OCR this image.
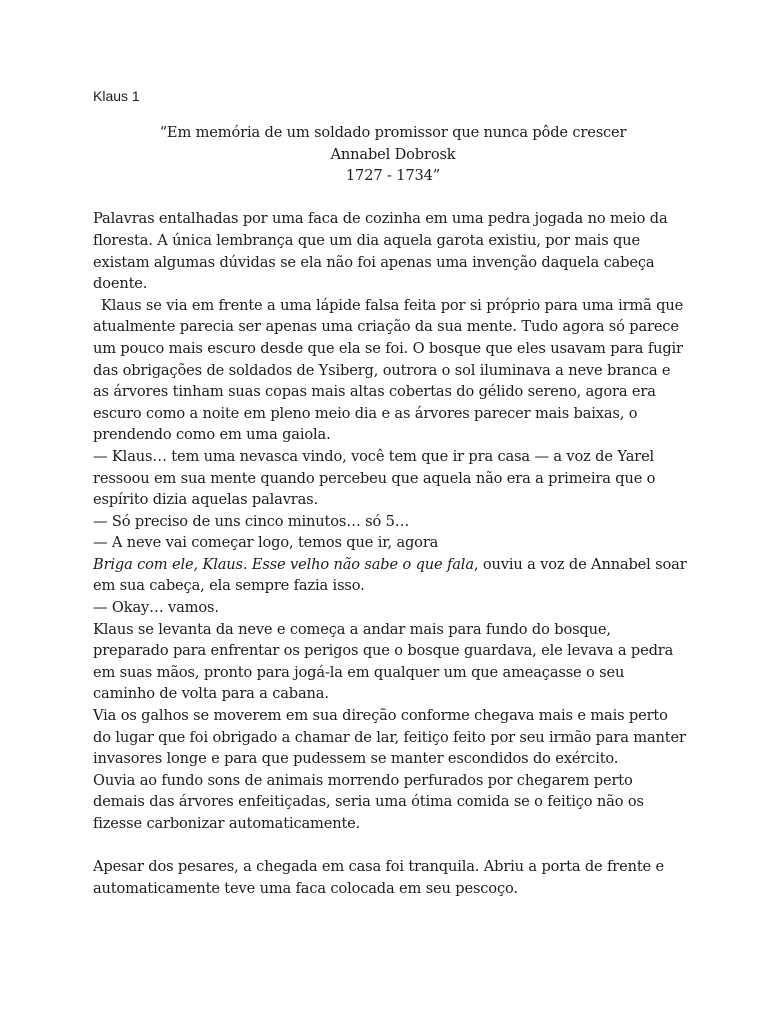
Klaus 1
“Em memória de um soldado promissor que nunca pôde crescer
Annabel Dobrosk
1727 - 1734”

Palavras entalhadas por uma faca de cozinha em uma pedra jogada no meio da
floresta. A única lembrança que um dia aquela garota existiu, por mais que
existam algumas dúvidas se ela não foi apenas uma invenção daquela cabeça
doente.

Klaus se via em frente a uma lápide falsa feita por si próprio para uma irmã que
atualmente parecia ser apenas uma criação da sua mente. Tudo agora só parece
um pouco mais escuro desde que ela se foi. O bosque que eles usavam para fugir
das obrigações de soldados de Ysiberg, outrora o sol iluminava a neve branca e
as árvores tinham suas copas mais altas cobertas do gélido sereno, agora era
escuro como a noite em pleno meio dia e as árvores parecer mais baixas, o
prendendo como em uma gaiola.

— Klaus… tem uma nevasca vindo, você tem que ir pra casa — a voz de Yarel
ressoou em sua mente quando percebeu que aquela não era a primeira que o
espírito dizia aquelas palavras.

— Só preciso de uns cinco minutos… só 5…

— A neve vai começar logo, temos que ir, agora

Briga com ele, Klaus. Esse velho não sabe o que fala, ouviu a voz de Annabel soar
em sua cabeça, ela sempre fazia isso.

— Okay… vamos.

Klaus se levanta da neve e começa a andar mais para fundo do bosque,
preparado para enfrentar os perigos que o bosque guardava, ele levava a pedra
em suas mãos, pronto para jogá-la em qualquer um que ameaçasse o seu
caminho de volta para a cabana.

Via os galhos se moverem em sua direção conforme chegava mais e mais perto
do lugar que foi obrigado a chamar de lar, feitiço feito por seu irmão para manter
invasores longe e para que pudessem se manter escondidos do exército.

Ouvia ao fundo sons de animais morrendo perfurados por chegarem perto
demais das árvores enfeitiçadas, seria uma ótima comida se o feitiço não os
fizesse carbonizar automaticamente.

Apesar dos pesares, a chegada em casa foi tranquila. Abriu a porta de frente e
automaticamente teve uma faca colocada em seu pescoço.
